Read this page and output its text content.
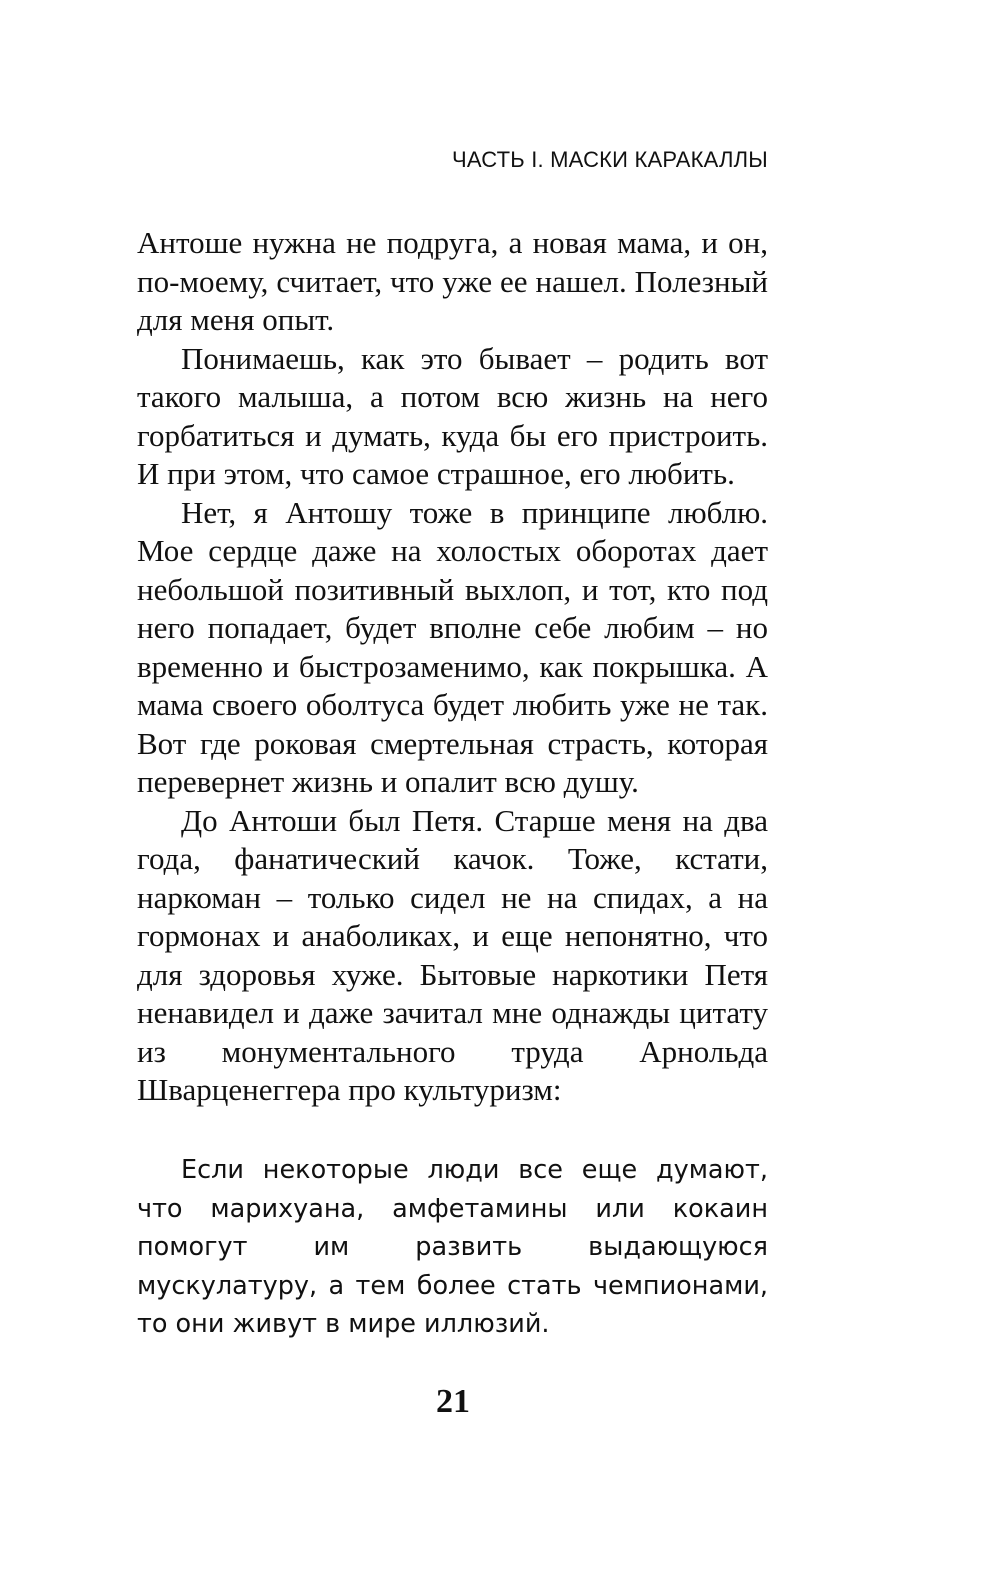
ЧАСТЬ I. МАСКИ КАРАКАЛЛЫ

Антоше нужна не подруга, а новая мама, и он, по-моему, считает, что уже ее нашел. Полезный для меня опыт.

Понимаешь, как это бывает – родить вот такого малыша, а потом всю жизнь на него горбатиться и думать, куда бы его пристроить. И при этом, что самое страшное, его любить.

Нет, я Антошу тоже в принципе люблю. Мое сердце даже на холостых оборотах дает небольшой позитивный выхлоп, и тот, кто под него попадает, будет вполне себе любим – но временно и быстрозаменимо, как покрышка. А мама своего оболтуса будет любить уже не так. Вот где роковая смертельная страсть, которая перевернет жизнь и опалит всю душу.

До Антоши был Петя. Старше меня на два года, фанатический качок. Тоже, кстати, наркоман – только сидел не на спидах, а на гормонах и анаболиках, и еще непонятно, что для здоровья хуже. Бытовые наркотики Петя ненавидел и даже зачитал мне однажды цитату из монументального труда Арнольда Шварценеггера про культуризм:

Если некоторые люди все еще думают, что марихуана, амфетамины или кокаин помогут им развить выдающуюся мускулатуру, а тем более стать чемпионами, то они живут в мире иллюзий.

21
